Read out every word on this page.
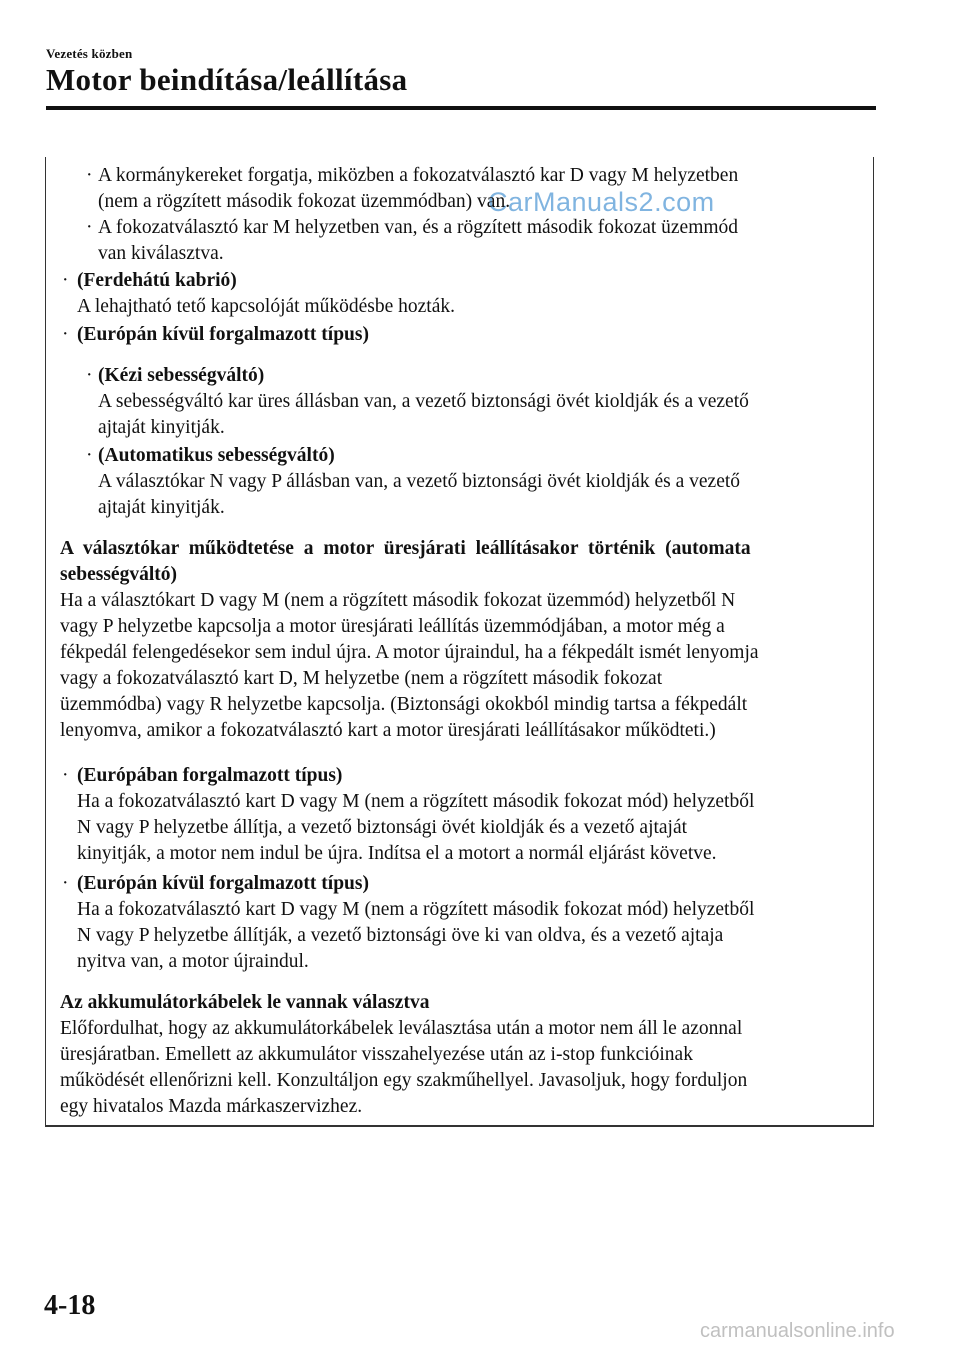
Vezetés közben
Motor beindítása/leállítása
CarManuals2.com
·
·
·
·
·
·
·
·
A kormánykereket forgatja, miközben a fokozatválasztó kar D vagy M helyzetben
(nem a rögzített második fokozat üzemmódban) van.
A fokozatválasztó kar M helyzetben van, és a rögzített második fokozat üzemmód
van kiválasztva.
(Ferdehátú kabrió)
A lehajtható tető kapcsolóját működésbe hozták.
(Európán kívül forgalmazott típus)
(Kézi sebességváltó)
A sebességváltó kar üres állásban van, a vezető biztonsági övét kioldják és a vezető
ajtaját kinyitják.
(Automatikus sebességváltó)
A választókar N vagy P állásban van, a vezető biztonsági övét kioldják és a vezető
ajtaját kinyitják.
A választókar működtetése a motor üresjárati leállításakor történik (automata
sebességváltó)
Ha a választókart D vagy M (nem a rögzített második fokozat üzemmód) helyzetből N
vagy P helyzetbe kapcsolja a motor üresjárati leállítás üzemmódjában, a motor még a
fékpedál felengedésekor sem indul újra. A motor újraindul, ha a fékpedált ismét lenyomja
vagy a fokozatválasztó kart D, M helyzetbe (nem a rögzített második fokozat
üzemmódba) vagy R helyzetbe kapcsolja. (Biztonsági okokból mindig tartsa a fékpedált
lenyomva, amikor a fokozatválasztó kart a motor üresjárati leállításakor működteti.)
(Európában forgalmazott típus)
Ha a fokozatválasztó kart D vagy M (nem a rögzített második fokozat mód) helyzetből
N vagy P helyzetbe állítja, a vezető biztonsági övét kioldják és a vezető ajtaját
kinyitják, a motor nem indul be újra. Indítsa el a motort a normál eljárást követve.
(Európán kívül forgalmazott típus)
Ha a fokozatválasztó kart D vagy M (nem a rögzített második fokozat mód) helyzetből
N vagy P helyzetbe állítják, a vezető biztonsági öve ki van oldva, és a vezető ajtaja
nyitva van, a motor újraindul.
Az akkumulátorkábelek le vannak választva
Előfordulhat, hogy az akkumulátorkábelek leválasztása után a motor nem áll le azonnal
üresjáratban. Emellett az akkumulátor visszahelyezése után az i-stop funkcióinak
működését ellenőrizni kell. Konzultáljon egy szakműhellyel. Javasoljuk, hogy forduljon
egy hivatalos Mazda márkaszervizhez.
4-18
carmanualsonline.info
